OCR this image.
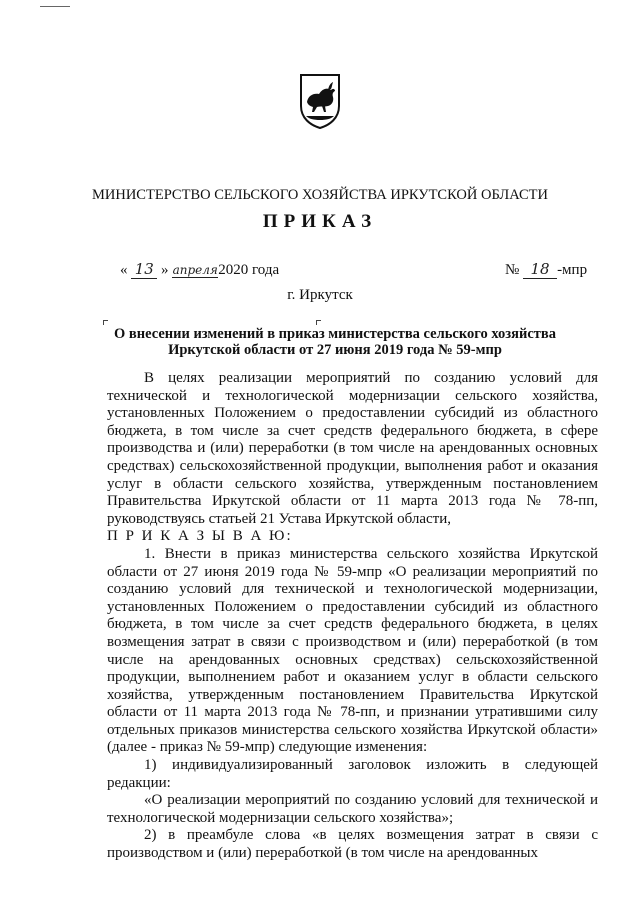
МИНИСТЕРСТВО СЕЛЬСКОГО ХОЗЯЙСТВА ИРКУТСКОЙ ОБЛАСТИ
ПРИКАЗ
« 13 » апреля2020 года	№ 18 -мпр
г. Иркутск
О внесении изменений в приказ министерства сельского хозяйства
Иркутской области от 27 июня 2019 года № 59-мпр

В целях реализации мероприятий по созданию условий для технической и технологической модернизации сельского хозяйства, установленных Положением о предоставлении субсидий из областного бюджета, в том числе за счет средств федерального бюджета, в сфере производства и (или) переработки (в том числе на арендованных основных средствах) сельскохозяйственной продукции, выполнения работ и оказания услуг в области сельского хозяйства, утвержденным постановлением Правительства Иркутской области от 11 марта 2013 года № 78-пп, руководствуясь статьей 21 Устава Иркутской области,

П Р И К А З Ы В А Ю:

1. Внести в приказ министерства сельского хозяйства Иркутской области от 27 июня 2019 года № 59-мпр «О реализации мероприятий по созданию условий для технической и технологической модернизации, установленных Положением о предоставлении субсидий из областного бюджета, в том числе за счет средств федерального бюджета, в целях возмещения затрат в связи с производством и (или) переработкой (в том числе на арендованных основных средствах) сельскохозяйственной продукции, выполнением работ и оказанием услуг в области сельского хозяйства, утвержденным постановлением Правительства Иркутской области от 11 марта 2013 года № 78-пп, и признании утратившими силу отдельных приказов министерства сельского хозяйства Иркутской области» (далее - приказ № 59-мпр) следующие изменения:

1) индивидуализированный заголовок изложить в следующей редакции:

«О реализации мероприятий по созданию условий для технической и технологической модернизации сельского хозяйства»;

2) в преамбуле слова «в целях возмещения затрат в связи с производством и (или) переработкой (в том числе на арендованных
